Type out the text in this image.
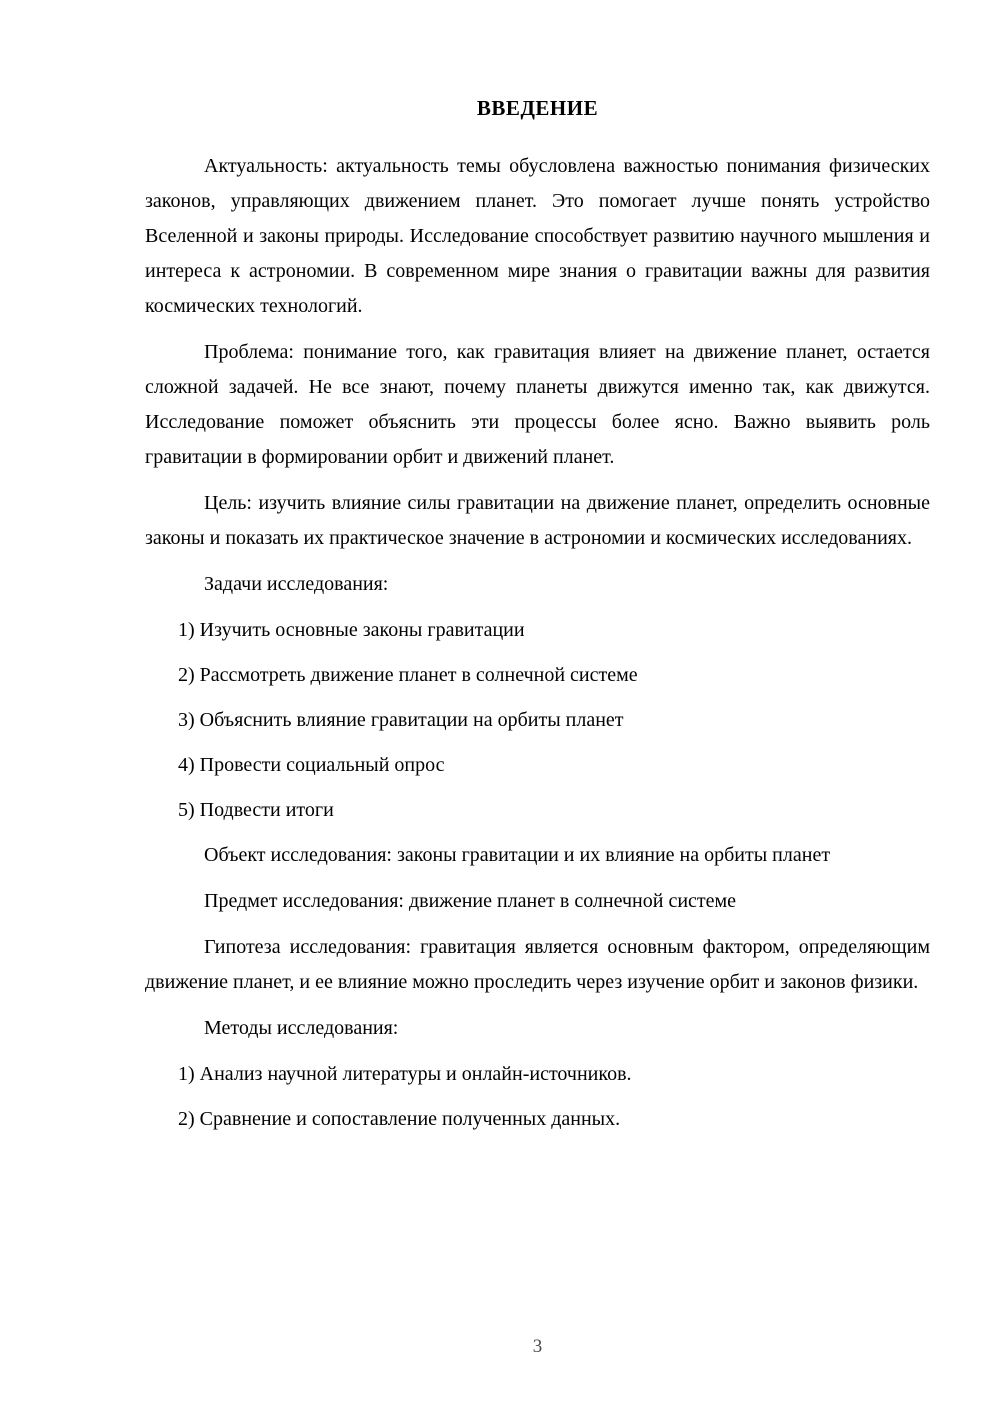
ВВЕДЕНИЕ

Актуальность: актуальность темы обусловлена важностью понимания физических законов, управляющих движением планет. Это помогает лучше понять устройство Вселенной и законы природы. Исследование способствует развитию научного мышления и интереса к астрономии. В современном мире знания о гравитации важны для развития космических технологий.

Проблема: понимание того, как гравитация влияет на движение планет, остается сложной задачей. Не все знают, почему планеты движутся именно так, как движутся. Исследование поможет объяснить эти процессы более ясно. Важно выявить роль гравитации в формировании орбит и движений планет.

Цель: изучить влияние силы гравитации на движение планет, определить основные законы и показать их практическое значение в астрономии и космических исследованиях.

Задачи исследования:

1) Изучить основные законы гравитации

2) Рассмотреть движение планет в солнечной системе

3) Объяснить влияние гравитации на орбиты планет

4) Провести социальный опрос

5) Подвести итоги

Объект исследования: законы гравитации и их влияние на орбиты планет

Предмет исследования: движение планет в солнечной системе

Гипотеза исследования: гравитация является основным фактором, определяющим движение планет, и ее влияние можно проследить через изучение орбит и законов физики.

Методы исследования:

1) Анализ научной литературы и онлайн-источников.

2) Сравнение и сопоставление полученных данных.

3
